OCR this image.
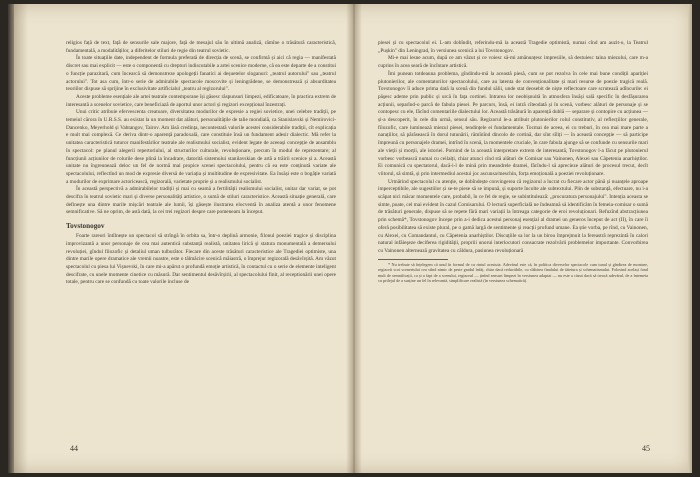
religios față de text, față de sensurile sale majore, față de mesajul său în ultimă analiză, rămîne o trăsătură caracteristică, fundamentală, a modalităților, a diferitelor stiluri de regie din teatrul sovietic.

În toate situațiile date, independent de formula preferată de direcția de scenă, se confirmă și aici că regia — manifestată discret sau mai explicit — este o componentă cu drepturi indiscutabile a artei scenice moderne, că ea este departe de a constitui o funcție parazitară, cum încearcă să demonstreze apologeții fanatici ai deșuetelor sloganuri: „teatrul autorului" sau „teatrul actorului". Tot asa cum, într-o serie de admirabile spectacole moscovite și leningrădene, se demonstrează și absurditatea teoriilor dispuse să sprijine în exclusivitate artificialul „teatru al regizorului".

Aceste probleme esențiale ale artei teatrale contemporane își găsesc răspunsuri limpezi, edificatoare, în practica extrem de interesantă a scenelor sovietice, care beneficiază de aportul unor actori și regizori excepțional înzestrați.

Unui critic atribuie efervescenta creatoare, diversitatea modurilor de expresie a regiei sovietice, unei celebre tradiții, pe temeiul cărora în U.R.S.S. au existat la un moment dat alături, personalitățile de talie mondială, ca Stanislavski și Nemirovici-Dancenko, Meyerhold și Vahtangov, Tairov. Am lăsă credința, necontestată valorile acestei considerabile tradiții, cît explicația e mult mai complexă. Ce deriva dintr-o aparență paradoxală, care constituie însă un fundament adesir dialectic. Mă refer la unitatea caracteristică tuturor manifestărilor teatrale ale realismului socialist, evident legate de aceeași concepție de ansamblu în spectacol: pe planul alegerii repertoriului, al structurilor culturale, revoluționare, precum în modul de reprezentare; al funcțiunii acțiunilor de rolurile dese plină la încadrare, datorită sistemului stanilavskian de artă a trăirii scenice și a. Această unitate nu îngreunează deloc un fel de normă mai propice scenei spectacolului, pentru că ea este conținută variate ale spectacolului, reflectînd un mod de expresie diversă de variația și multitudine de expresivitate. Ea însăși este o bogăție variată a modurilor de exprimare actoricească, regizorală, varietate proprie și a realismului socialist.

În această perspectivă a admirabilelor tradiții și mai cu seamă a fertilității realismului socialist, unitar dar variat, se pot descifra în teatrul sovietic mari și diverse personalități artistice, o sumă de stiluri caracteristice. Această situație generală, care definește una dintre marile mișcări teatrale ale lumii, își găsește ilustrarea elocventă în analiza atentă a unor fenomene semnificative. Să ne oprim, de astă dată, la cei trei regizori despre care pomeneam la început.

Tovstonogov

Foarte rareori întîlnește un spectacol să strîngă în orbita sa, într-o deplină armonie, filonul poeziei tragice și disciplina improvizantă a unor personaje de cea mai autentică substanță realistă, unitatea lirică și statura monumentală a demersului revoluției, gîndul filozofic și detaliul uman tulburător. Fiecare din aceste trăsături caracteristice ale Tragediei optimiste, una dintre marile opere dramatice ale vremii noastre, este o tălmăcire scenică măiastră, o împrejur regizorală desăvîrșită. Am văzut spectacolul cu piesa lui Vișnevski, în care mi-a apărut o profundă emoție artistică, în contactul cu o serie de elemente inteligent descifrate, cu unele momente cinetice cu măsură. Dar sentimentul desăvîrșirii, al spectacolului finit, al receptionării unei opere totale, pentru care se confundă cu toate valorile incluse de

44

piesei și cu spectacolul ei. L-am dobîndit, referindu-mă la această Tragedie optimistă, numai cînd am auzit-o, la Teatrul „Pușkin" din Leningrad, în versiunea scenică a lui Tovstonogov.

Mi-e mai lesne acum, după ce am văzut și ce voiesc să-mi amănunțesc impresiile, să destuiesc taina miezului, care m-a cuprins în acea seară de încîntare artistică.

Îmi punean totdeauna problema, gîndindu-mă la această piesă, cum se pot rezolva în cele mai bune condiții apariției plutonierilor, ale comentatorilor spectacolului, care au latenta de convenționalitate și mari resurse de poezie tragică reală. Tovstonogov îi aduce prima dată la scenă din fundul sălii, unde stat deosebit de niște reflectoare care scrutează adîncurile: ei păşesc ademe prin public și urcă în fața cortinei. Intrarea lor neobișnuită în atmosfera însăși sală specific în desfășurarea acțiunii, separînd-o parcă de fabula piesei. Pe parcurs, însă, ei intră cîteodată și în scenă, vorbesc alături de personaje și se contopesc cu ele, făcînd comentariile dialectului lor. Această trăsătură în aparență dublă — separare și contopire cu acțiunea — și-a descoperit, în cele din urmă, sensul său. Regizorul le-a atribuit plutonierilor rolul constitutiv, al reflecțiilor generale, filozofic, care luminează miezul piesei, tendințele ei fundamentale. Tocmai de aceea, ei cu treburi, în cea mai mare parte a narațiilor, să părăsească în dorul tutunării, rămînînd dincolo de cortină, dar sînt sîliți — în această concepție — să participe împreună cu personajele dramei, intrînd în scenă, la momentele cruciale, în care fabula ajunge să se confunde cu sensurile mari ale vieții și morții, ale istoriei. Pornind de la această interpretare extrem de interesantă, Tovstonogov l-a făcut pe plutonierul vorbesc vorbească numai cu ceilalți, chiar atunci cînd stă alături de Comisar sau Vainonen, Alexei sau Căpetenia anarhiștilor. Ei comunică cu spectatorul, dacă-i-l de mină prin meandrele dramei, făcîndu-l să aprecieze alături de procesul trecut, decît viitorul, să simtă, și prin intermediul acestui joc ascunsa/meschin, forța emoțională a poeziei revoluționare.

Urmărind spectacolul cu atenție, se dobîndește convingerea că regizorul a lucrat cu fiecare actor până și nuanțele aproape imperceptibile, ale sugestiilor și se-te piese să se impună, și suporte încolte ale subtextului. Plin de substanță, efectuare, nu i-a scăpat nici măcar momentele care, probabil, în ce fel de regie, se subintitulează: „procuratura personajului". Intenția aceasta se simte, poate, cel mai evident în cazul Comisarului. O lectură superficială ne îndeamnă să identificăm în femeia-comisar o sumă de trăsături generale, dispuse să se repete fără mari variații la întreaga categorie de eroi revoluționari. Refuzînd abstracțiunea prin schemă*, Tovstonogov începe prin a-i dedica acestui personaj esențial al dramei un generos început de act (II), în care îi oferă posibilitatea să existe plural, pe o gamă largă de sentimente și reacții profund umane. Ea știe vorba, pe rînd, cu Vainonen, cu Alexei, cu Comandantul, cu Căpetenia anarhiștilor. Discuțiile sa lor la un birou împrejmuit la fereastră reprezintă în calori natural infăieşeze deciferea rigidității, propriii unorui interlocutori consacrate rezolvării problemelor importante. Convorbirea cu Vainonen alternează gravitatea cu căldura, pasiunea revoluționară

* Nu trebuie să înțelegem că unul în formul de cu rintul acestuia. Adevărul este că, în politica diverselor spectacole cum tunul și gîndirea de montare, regizorii scot sceneriului cea stînd nimic de peste gradul înfăț, chiar dacă reductibile, cu slăbirea finalului de tăietura și schematismului. Folosind același fond mult de semnificații, ca și a fapt de a scenului, regizorul — ținînd sensuri limpezi în versiunea adaptat — nu este a căzut dacă să treacă adevărul, de a întemeia cu prilejul de a susține un fel în relevantă, simplificare realistă (în versiunea schematică).

45
